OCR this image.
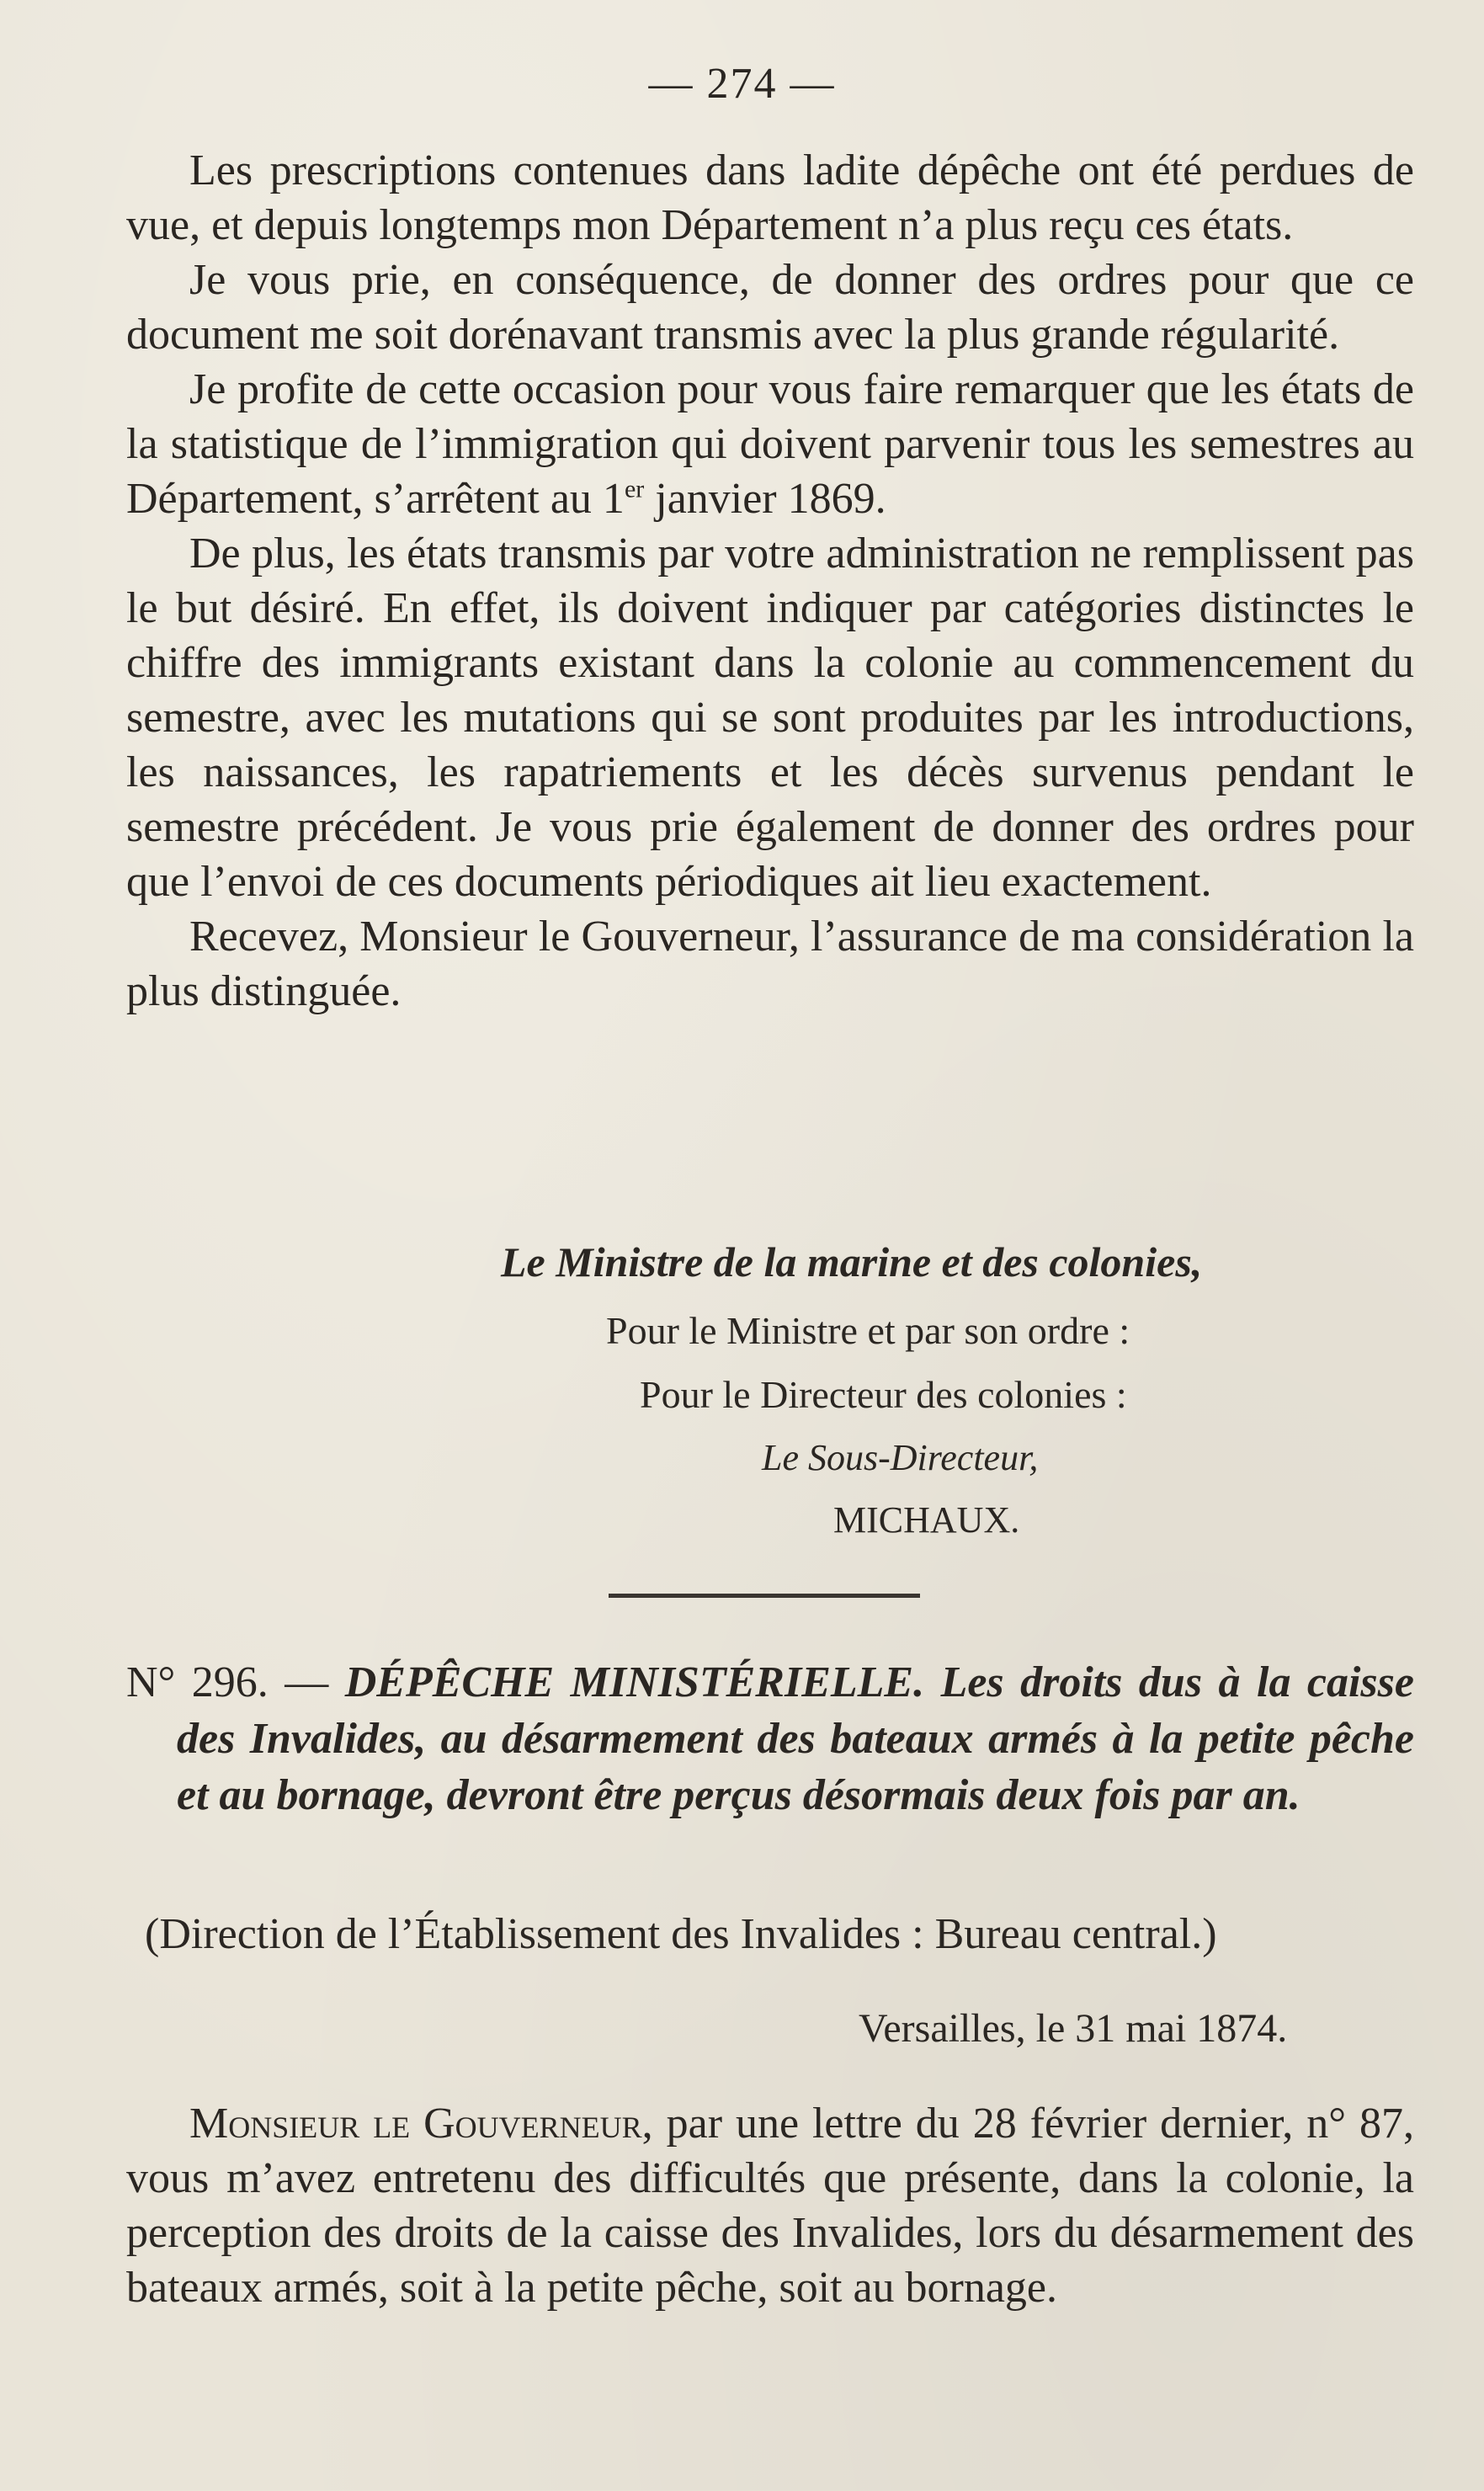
— 274 —

Les prescriptions contenues dans ladite dépêche ont été perdues de vue, et depuis longtemps mon Département n’a plus reçu ces états.

Je vous prie, en conséquence, de donner des ordres pour que ce document me soit dorénavant transmis avec la plus grande régularité.

Je profite de cette occasion pour vous faire remarquer que les états de la statistique de l’immigration qui doivent parvenir tous les semestres au Département, s’arrêtent au 1er janvier 1869.

De plus, les états transmis par votre administration ne remplissent pas le but désiré. En effet, ils doivent indiquer par catégories distinctes le chiffre des immigrants existant dans la colonie au commencement du semestre, avec les mutations qui se sont produites par les introductions, les naissances, les rapatriements et les décès survenus pendant le semestre précédent. Je vous prie également de donner des ordres pour que l’envoi de ces documents périodiques ait lieu exactement.

Recevez, Monsieur le Gouverneur, l’assurance de ma considération la plus distinguée.

Le Ministre de la marine et des colonies,
Pour le Ministre et par son ordre :
Pour le Directeur des colonies :
Le Sous-Directeur,
MICHAUX.
N° 296. — DÉPÊCHE MINISTÉRIELLE. Les droits dus à la caisse des Invalides, au désarmement des bateaux armés à la petite pêche et au bornage, devront être perçus désormais deux fois par an.
(Direction de l’Établissement des Invalides : Bureau central.)
Versailles, le 31 mai 1874.

Monsieur le Gouverneur, par une lettre du 28 février dernier, n° 87, vous m’avez entretenu des difficultés que présente, dans la colonie, la perception des droits de la caisse des Invalides, lors du désarmement des bateaux armés, soit à la petite pêche, soit au bornage.
